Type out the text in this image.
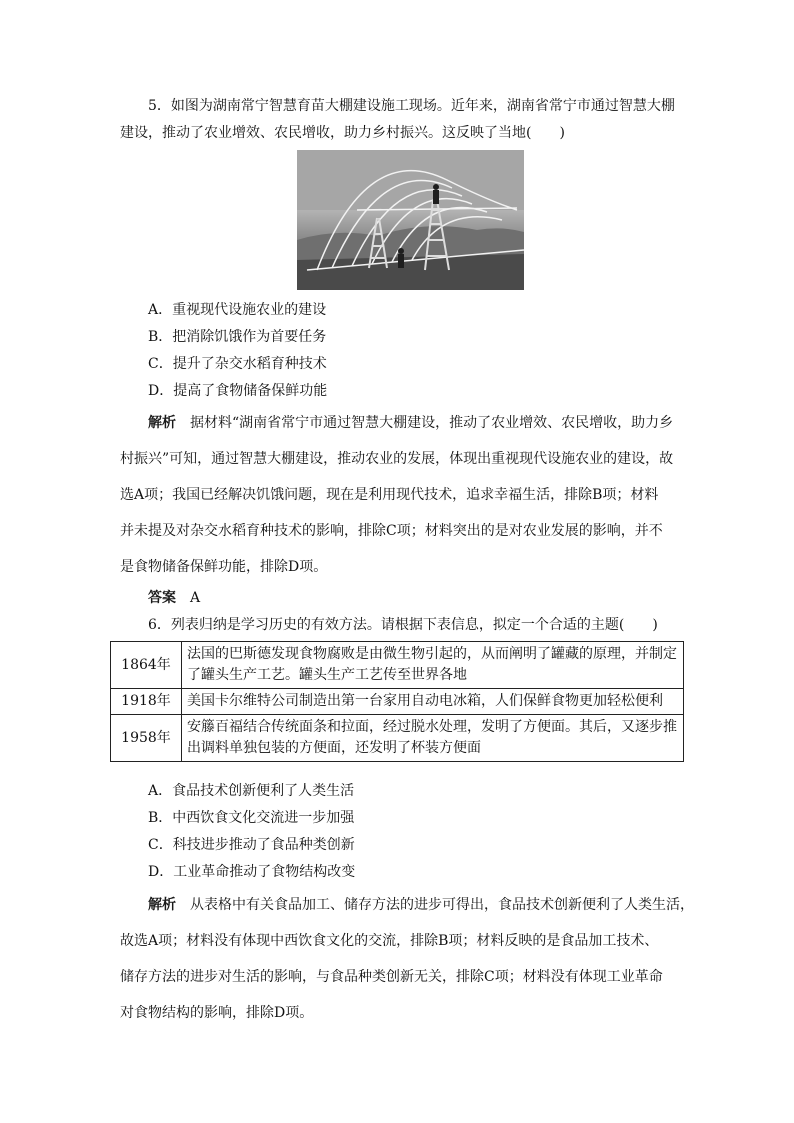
5．如图为湖南常宁智慧育苗大棚建设施工现场。近年来，湖南省常宁市通过智慧大棚
建设，推动了农业增效、农民增收，助力乡村振兴。这反映了当地(　　)
A．重视现代设施农业的建设
B．把消除饥饿作为首要任务
C．提升了杂交水稻育种技术
D．提高了食物储备保鲜功能
解析 据材料“湖南省常宁市通过智慧大棚建设，推动了农业增效、农民增收，助力乡
村振兴”可知，通过智慧大棚建设，推动农业的发展，体现出重视现代设施农业的建设，故
选A项；我国已经解决饥饿问题，现在是利用现代技术，追求幸福生活，排除B项；材料
并未提及对杂交水稻育种技术的影响，排除C项；材料突出的是对农业发展的影响，并不
是食物储备保鲜功能，排除D项。
答案 A
6．列表归纳是学习历史的有效方法。请根据下表信息，拟定一个合适的主题(　　)
1864年	法国的巴斯德发现食物腐败是由微生物引起的，从而阐明了罐藏的原理，并制定
了罐头生产工艺。罐头生产工艺传至世界各地

1918年	美国卡尔维特公司制造出第一台家用自动电冰箱，人们保鲜食物更加轻松便利

1958年	安籐百福结合传统面条和拉面，经过脱水处理，发明了方便面。其后，又逐步推
出调料单独包装的方便面，还发明了杯装方便面
A．食品技术创新便利了人类生活
B．中西饮食文化交流进一步加强
C．科技进步推动了食品种类创新
D．工业革命推动了食物结构改变
解析 从表格中有关食品加工、储存方法的进步可得出，食品技术创新便利了人类生活，
故选A项；材料没有体现中西饮食文化的交流，排除B项；材料反映的是食品加工技术、
储存方法的进步对生活的影响，与食品种类创新无关，排除C项；材料没有体现工业革命
对食物结构的影响，排除D项。
